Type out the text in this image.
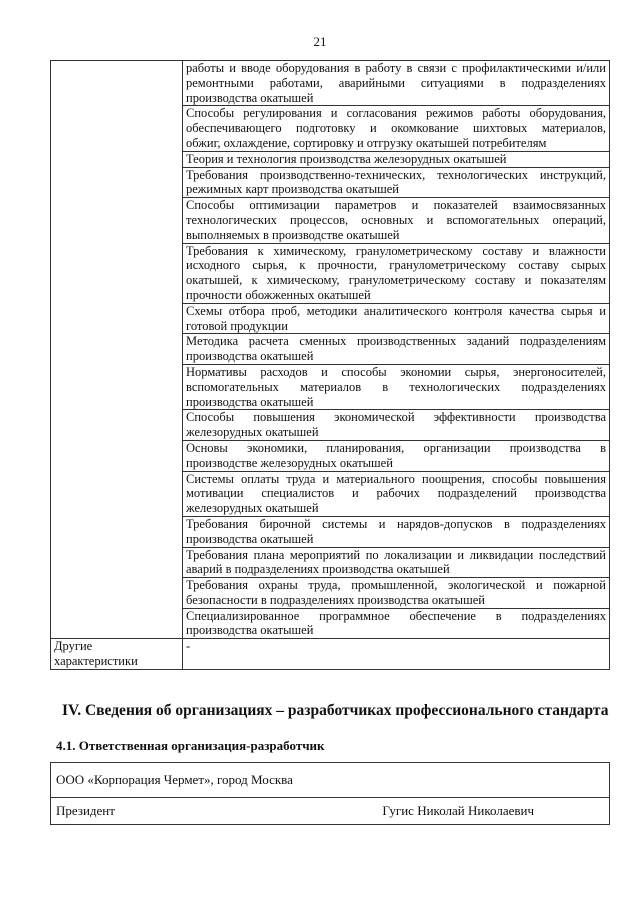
21

	работы и вводе оборудования в работу в связи с профилактическими и/или
ремонтными работами, аварийными ситуациями в подразделениях
производства окатышей

	Способы регулирования и согласования режимов работы оборудования,
обеспечивающего подготовку и окомкование шихтовых материалов,
обжиг, охлаждение, сортировку и отгрузку окатышей потребителям

	Теория и технология производства железорудных окатышей

	Требования производственно-технических, технологических инструкций,
режимных карт производства окатышей

	Способы оптимизации параметров и показателей взаимосвязанных
технологических процессов, основных и вспомогательных операций,
выполняемых в производстве окатышей

	Требования к химическому, гранулометрическому составу и влажности
исходного сырья, к прочности, гранулометрическому составу сырых
окатышей, к химическому, гранулометрическому составу и показателям
прочности обожженных окатышей

	Схемы отбора проб, методики аналитического контроля качества сырья и
готовой продукции

	Методика расчета сменных производственных заданий подразделениям
производства окатышей

	Нормативы расходов и способы экономии сырья, энергоносителей,
вспомогательных материалов в технологических подразделениях
производства окатышей

	Способы повышения экономической эффективности производства
железорудных окатышей

	Основы экономики, планирования, организации производства в
производстве железорудных окатышей

	Системы оплаты труда и материального поощрения, способы повышения
мотивации специалистов и рабочих подразделений производства
железорудных окатышей

	Требования бирочной системы и нарядов-допусков в подразделениях
производства окатышей

	Требования плана мероприятий по локализации и ликвидации последствий
аварий в подразделениях производства окатышей

	Требования охраны труда, промышленной, экологической и пожарной
безопасности в подразделениях производства окатышей

	Специализированное программное обеспечение в подразделениях
производства окатышей

Другие характеристики	-
IV. Сведения об организациях – разработчиках профессионального стандарта
4.1. Ответственная организация-разработчик
ООО «Корпорация Чермет», город Москва

Президент	Гугис Николай Николаевич
